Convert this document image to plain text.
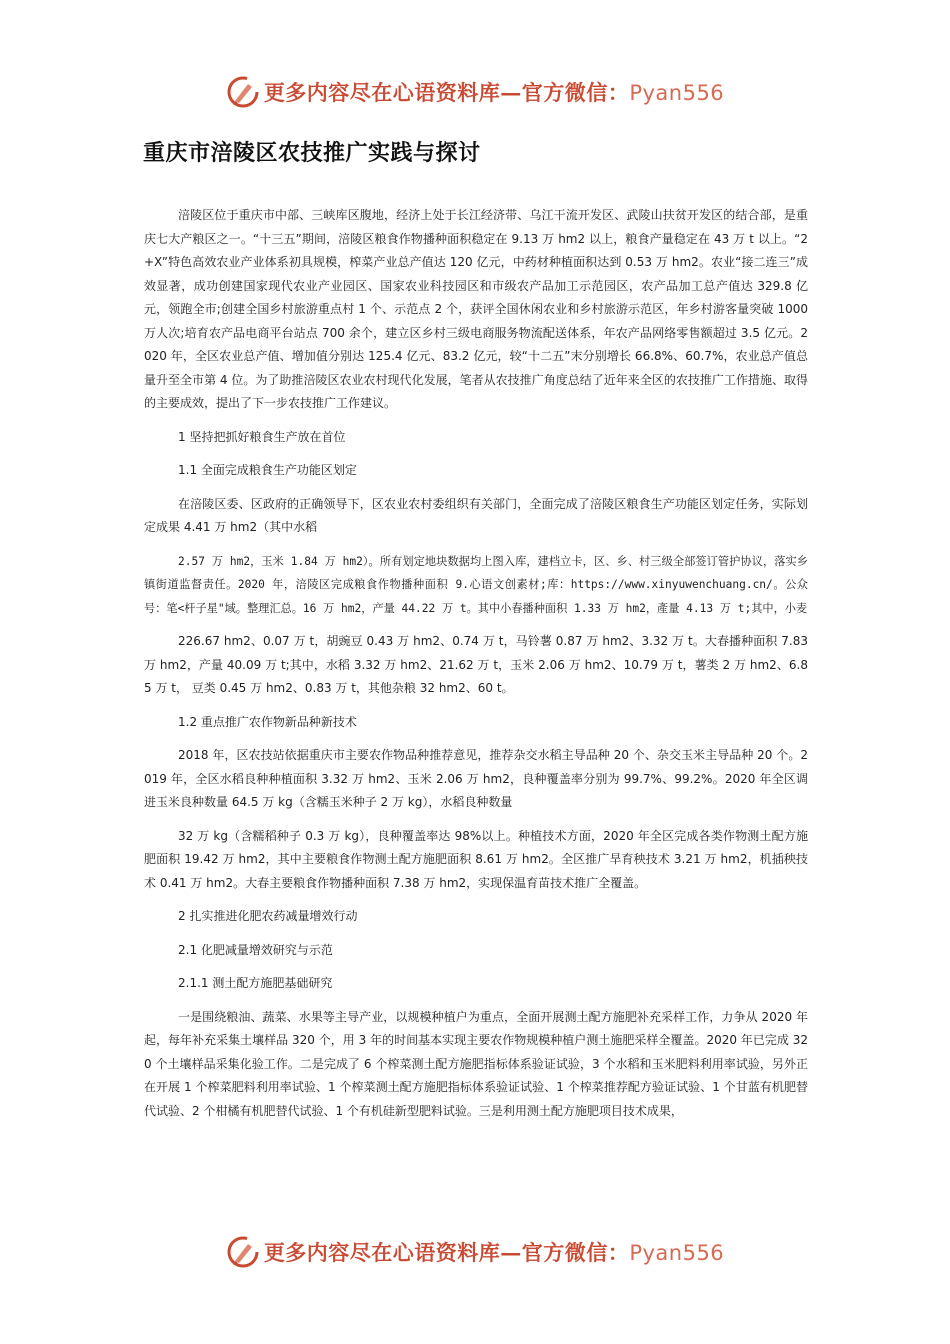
更多内容尽在心语资料库—官方微信：Pyan556
重庆市涪陵区农技推广实践与探讨

涪陵区位于重庆市中部、三峡库区腹地，经济上处于长江经济带、乌江干流开发区、武陵山扶贫开发区的结合部，是重庆七大产粮区之一。“十三五”期间，涪陵区粮食作物播种面积稳定在 9.13 万 hm2 以上，粮食产量稳定在 43 万 t 以上。“2+X”特色高效农业产业体系初具规模，榨菜产业总产值达 120 亿元，中药材种植面积达到 0.53 万 hm2。农业“接二连三”成效显著，成功创建国家现代农业产业园区、国家农业科技园区和市级农产品加工示范园区，农产品加工总产值达 329.8 亿元，领跑全市;创建全国乡村旅游重点村 1 个、示范点 2 个，获评全国休闲农业和乡村旅游示范区，年乡村游客量突破 1000 万人次;培育农产品电商平台站点 700 余个，建立区乡村三级电商服务物流配送体系，年农产品网络零售额超过 3.5 亿元。2020 年，全区农业总产值、增加值分别达 125.4 亿元、83.2 亿元，较“十二五”末分别增长 66.8%、60.7%，农业总产值总量升至全市第 4 位。为了助推涪陵区农业农村现代化发展，笔者从农技推广角度总结了近年来全区的农技推广工作措施、取得的主要成效，提出了下一步农技推广工作建议。

1 坚持把抓好粮食生产放在首位

1.1 全面完成粮食生产功能区划定

在涪陵区委、区政府的正确领导下，区农业农村委组织有关部门，全面完成了涪陵区粮食生产功能区划定任务，实际划定成果 4.41 万 hm2（其中水稻

2.57 万 hm2，玉米 1.84 万 hm2）。所有划定地块数据均上图入库，建档立卡，区、乡、村三级全部签订管护协议，落实乡镇街道监督责任。2020 年，涪陵区完成粮食作物播种面积 9.心语文创素材;库：https://www.xinyuwenchuang.cn/。公众号：笔<杆子星"域。整理汇总。16 万 hm2，产量 44.22 万 t。其中小春播种面积 1.33 万 hm2，產量 4.13 万 t;其中，小麦

226.67 hm2、0.07 万 t，胡豌豆 0.43 万 hm2、0.74 万 t，马铃薯 0.87 万 hm2、3.32 万 t。大春播种面积 7.83 万 hm2，产量 40.09 万 t;其中，水稻 3.32 万 hm2、21.62 万 t，玉米 2.06 万 hm2、10.79 万 t，薯类 2 万 hm2、6.85 万 t， 豆类 0.45 万 hm2、0.83 万 t，其他杂粮 32 hm2、60 t。

1.2 重点推广农作物新品种新技术

2018 年，区农技站依据重庆市主要农作物品种推荐意见，推荐杂交水稻主导品种 20 个、杂交玉米主导品种 20 个。2019 年，全区水稻良种种植面积 3.32 万 hm2、玉米 2.06 万 hm2，良种覆盖率分别为 99.7%、99.2%。2020 年全区调进玉米良种数量 64.5 万 kg（含糯玉米种子 2 万 kg），水稻良种数量

32 万 kg（含糯稻种子 0.3 万 kg），良种覆盖率达 98%以上。种植技术方面，2020 年全区完成各类作物测土配方施肥面积 19.42 万 hm2，其中主要粮食作物测土配方施肥面积 8.61 万 hm2。全区推广旱育秧技术 3.21 万 hm2，机插秧技术 0.41 万 hm2。大春主要粮食作物播种面积 7.38 万 hm2，实现保温育苗技术推广全覆盖。

2 扎实推进化肥农药减量增效行动

2.1 化肥减量增效研究与示范

2.1.1 测土配方施肥基础研究

一是围绕粮油、蔬菜、水果等主导产业，以规模种植户为重点，全面开展测土配方施肥补充采样工作，力争从 2020 年起，每年补充采集土壤样品 320 个，用 3 年的时间基本实现主要农作物规模种植户测土施肥采样全覆盖。2020 年已完成 320 个土壤样品采集化验工作。二是完成了 6 个榨菜测土配方施肥指标体系验证试验，3 个水稻和玉米肥料利用率试验，另外正在开展 1 个榨菜肥料利用率试验、1 个榨菜测土配方施肥指标体系验证试验、1 个榨菜推荐配方验证试验、1 个甘蓝有机肥替代试验、2 个柑橘有机肥替代试验、1 个有机硅新型肥料试验。三是利用测土配方施肥项目技术成果，

更多内容尽在心语资料库—官方微信：Pyan556
